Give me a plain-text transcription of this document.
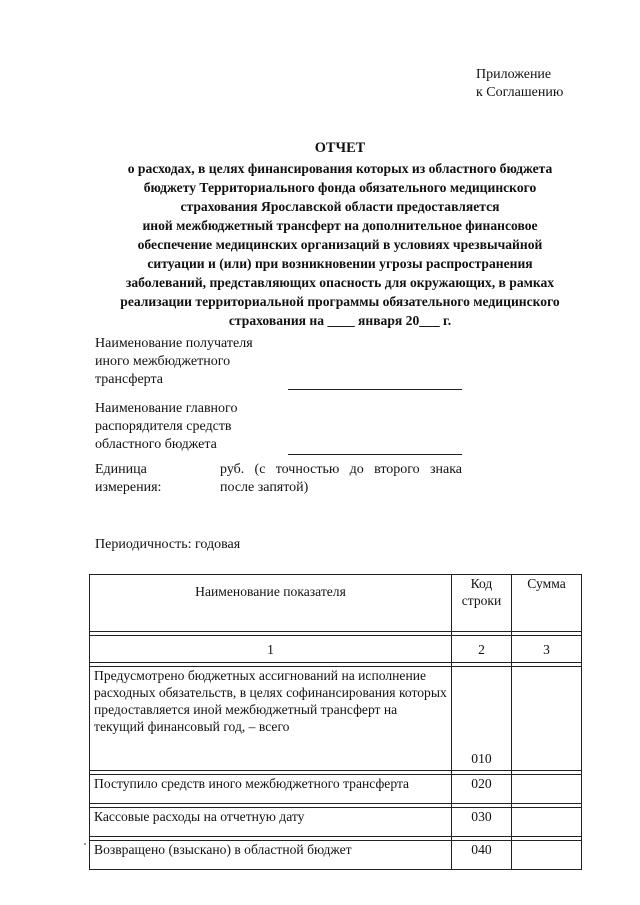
Приложение
к Соглашению
ОТЧЕТ
о расходах, в целях финансирования которых из областного бюджета
бюджету Территориального фонда обязательного медицинского
страхования Ярославской области предоставляется
иной межбюджетный трансферт на дополнительное финансовое
обеспечение медицинских организаций в условиях чрезвычайной
ситуации и (или) при возникновении угрозы распространения
заболеваний, представляющих опасность для окружающих, в рамках
реализации территориальной программы обязательного медицинского
страхования на ____ января 20___ г.
Наименование получателя
иного межбюджетного
трансферта
Наименование главного
распорядителя средств
областного бюджета
Единица
измерения:
руб. (с точностью до второго знака после запятой)
Периодичность: годовая
Наименование показателя	Код строки	Сумма

1	2	3

Предусмотрено бюджетных ассигнований на исполнение расходных обязательств, в целях софинансирования которых предоставляется иной межбюджетный трансферт на текущий финансовый год, – всего	010	

Поступило средств иного межбюджетного трансферта	020	

Кассовые расходы на отчетную дату	030	

Возвращено (взыскано) в областной бюджет	040	
